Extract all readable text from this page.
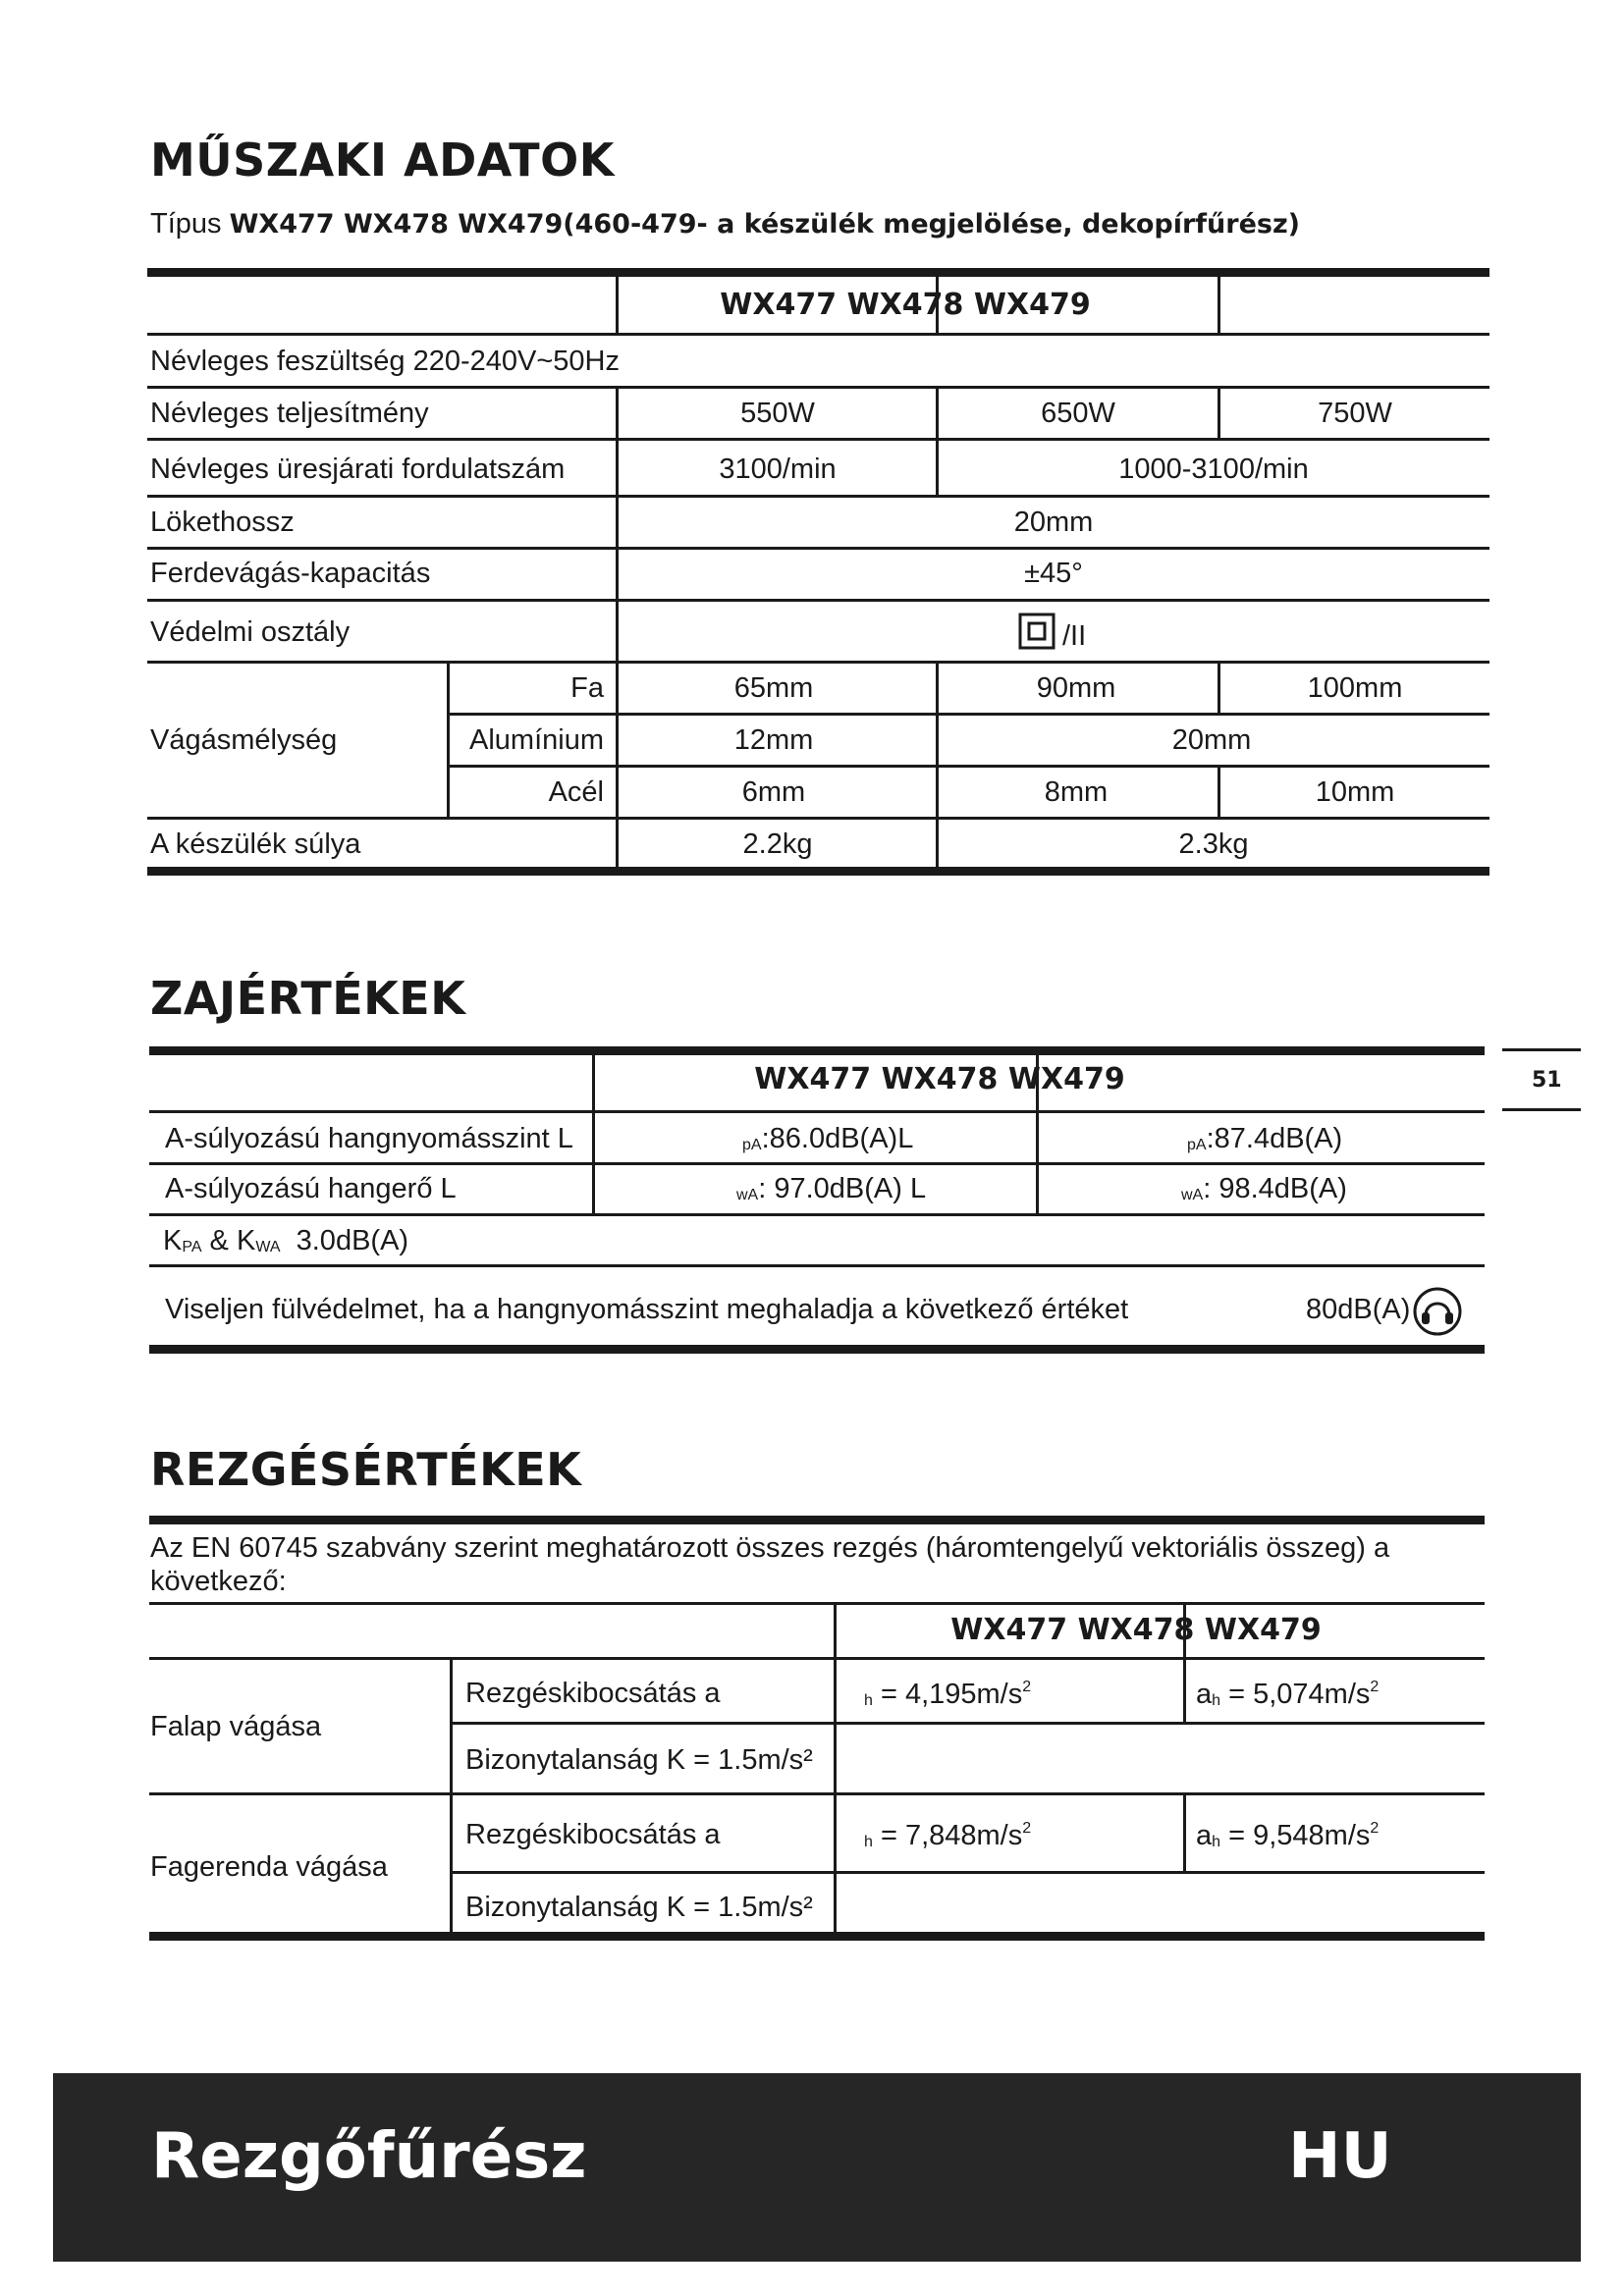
MŰSZAKI ADATOK
Típus WX477 WX478 WX479(460-479- a készülék megjelölése, dekopírfűrész)
WX477 WX478 WX479
Névleges feszültség 220-240V~50Hz
Névleges teljesítmény	550W	650W	750W
Névleges üresjárati fordulatszám	3100/min	1000-3100/min
Lökethossz	20mm
Ferdevágás-kapacitás	±45°
Védelmi osztály	/II
Vágásmélység
Fa	65mm	90mm	100mm
Alumínium	12mm	20mm
Acél	6mm	8mm	10mm
A készülék súlya	2.2kg	2.3kg
ZAJÉRTÉKEK
51
WX477 WX478 WX479
A-súlyozású hangnyomásszint L	$_{pA}$:86.0dB(A)L	$_{pA}$:87.4dB(A)
A-súlyozású hangerő L	$_{wA}$: 97.0dB(A) L	$_{wA}$: 98.4dB(A)
$K_{PA}$ & $K_{WA}$ 3.0dB(A)
Viseljen fülvédelmet, ha a hangnyomásszint meghaladja a következő értéket	80dB(A)
REZGÉSÉRTÉKEK
Az EN 60745 szabvány szerint meghatározott összes rezgés (háromtengelyű vektoriális összeg) a következő:
WX477 WX478 WX479
Falap vágása
Rezgéskibocsátás a	$_h = 4,195m/s^2$	$a_h = 5,074m/s^2$
Bizonytalanság K = 1.5m/s²
Fagerenda vágása
Rezgéskibocsátás a	$_h = 7,848m/s^2$	$a_h = 9,548m/s^2$
Bizonytalanság K = 1.5m/s²
Rezgőfűrész	HU
